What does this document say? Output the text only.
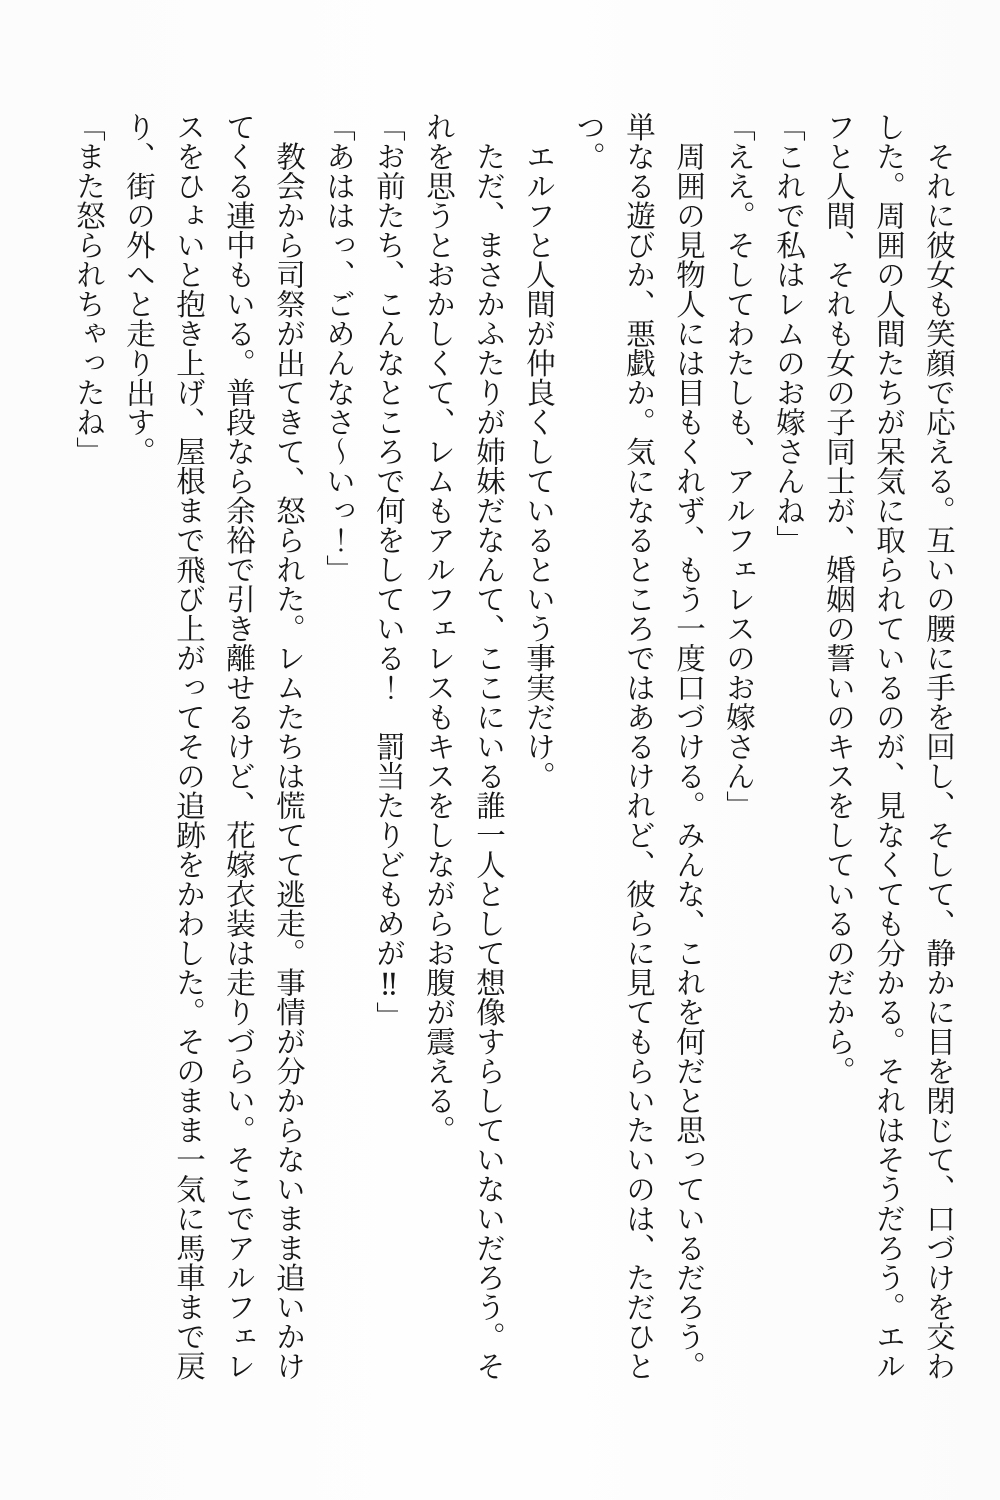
　それに彼女も笑顔で応える。互いの腰に手を回し、そして、静かに目を閉じて、口づけを交わした。周囲の人間たちが呆気に取られているのが、見なくても分かる。それはそうだろう。エルフと人間、それも女の子同士が、婚姻の誓いのキスをしているのだから。

「これで私はレムのお嫁さんね」

「ええ。そしてわたしも、アルフェレスのお嫁さん」

　周囲の見物人には目もくれず、もう一度口づける。みんな、これを何だと思っているだろう。単なる遊びか、悪戯か。気になるところではあるけれど、彼らに見てもらいたいのは、ただひとつ。

　エルフと人間が仲良くしているという事実だけ。

　ただ、まさかふたりが姉妹だなんて、ここにいる誰一人として想像すらしていないだろう。それを思うとおかしくて、レムもアルフェレスもキスをしながらお腹が震える。

「お前たち、こんなところで何をしている！　罰当たりどもめが‼」

「あははっ、ごめんなさ～いっ！」

　教会から司祭が出てきて、怒られた。レムたちは慌てて逃走。事情が分からないまま追いかけてくる連中もいる。普段なら余裕で引き離せるけど、花嫁衣装は走りづらい。そこでアルフェレスをひょいと抱き上げ、屋根まで飛び上がってその追跡をかわした。そのまま一気に馬車まで戻り、街の外へと走り出す。

「また怒られちゃったね」
